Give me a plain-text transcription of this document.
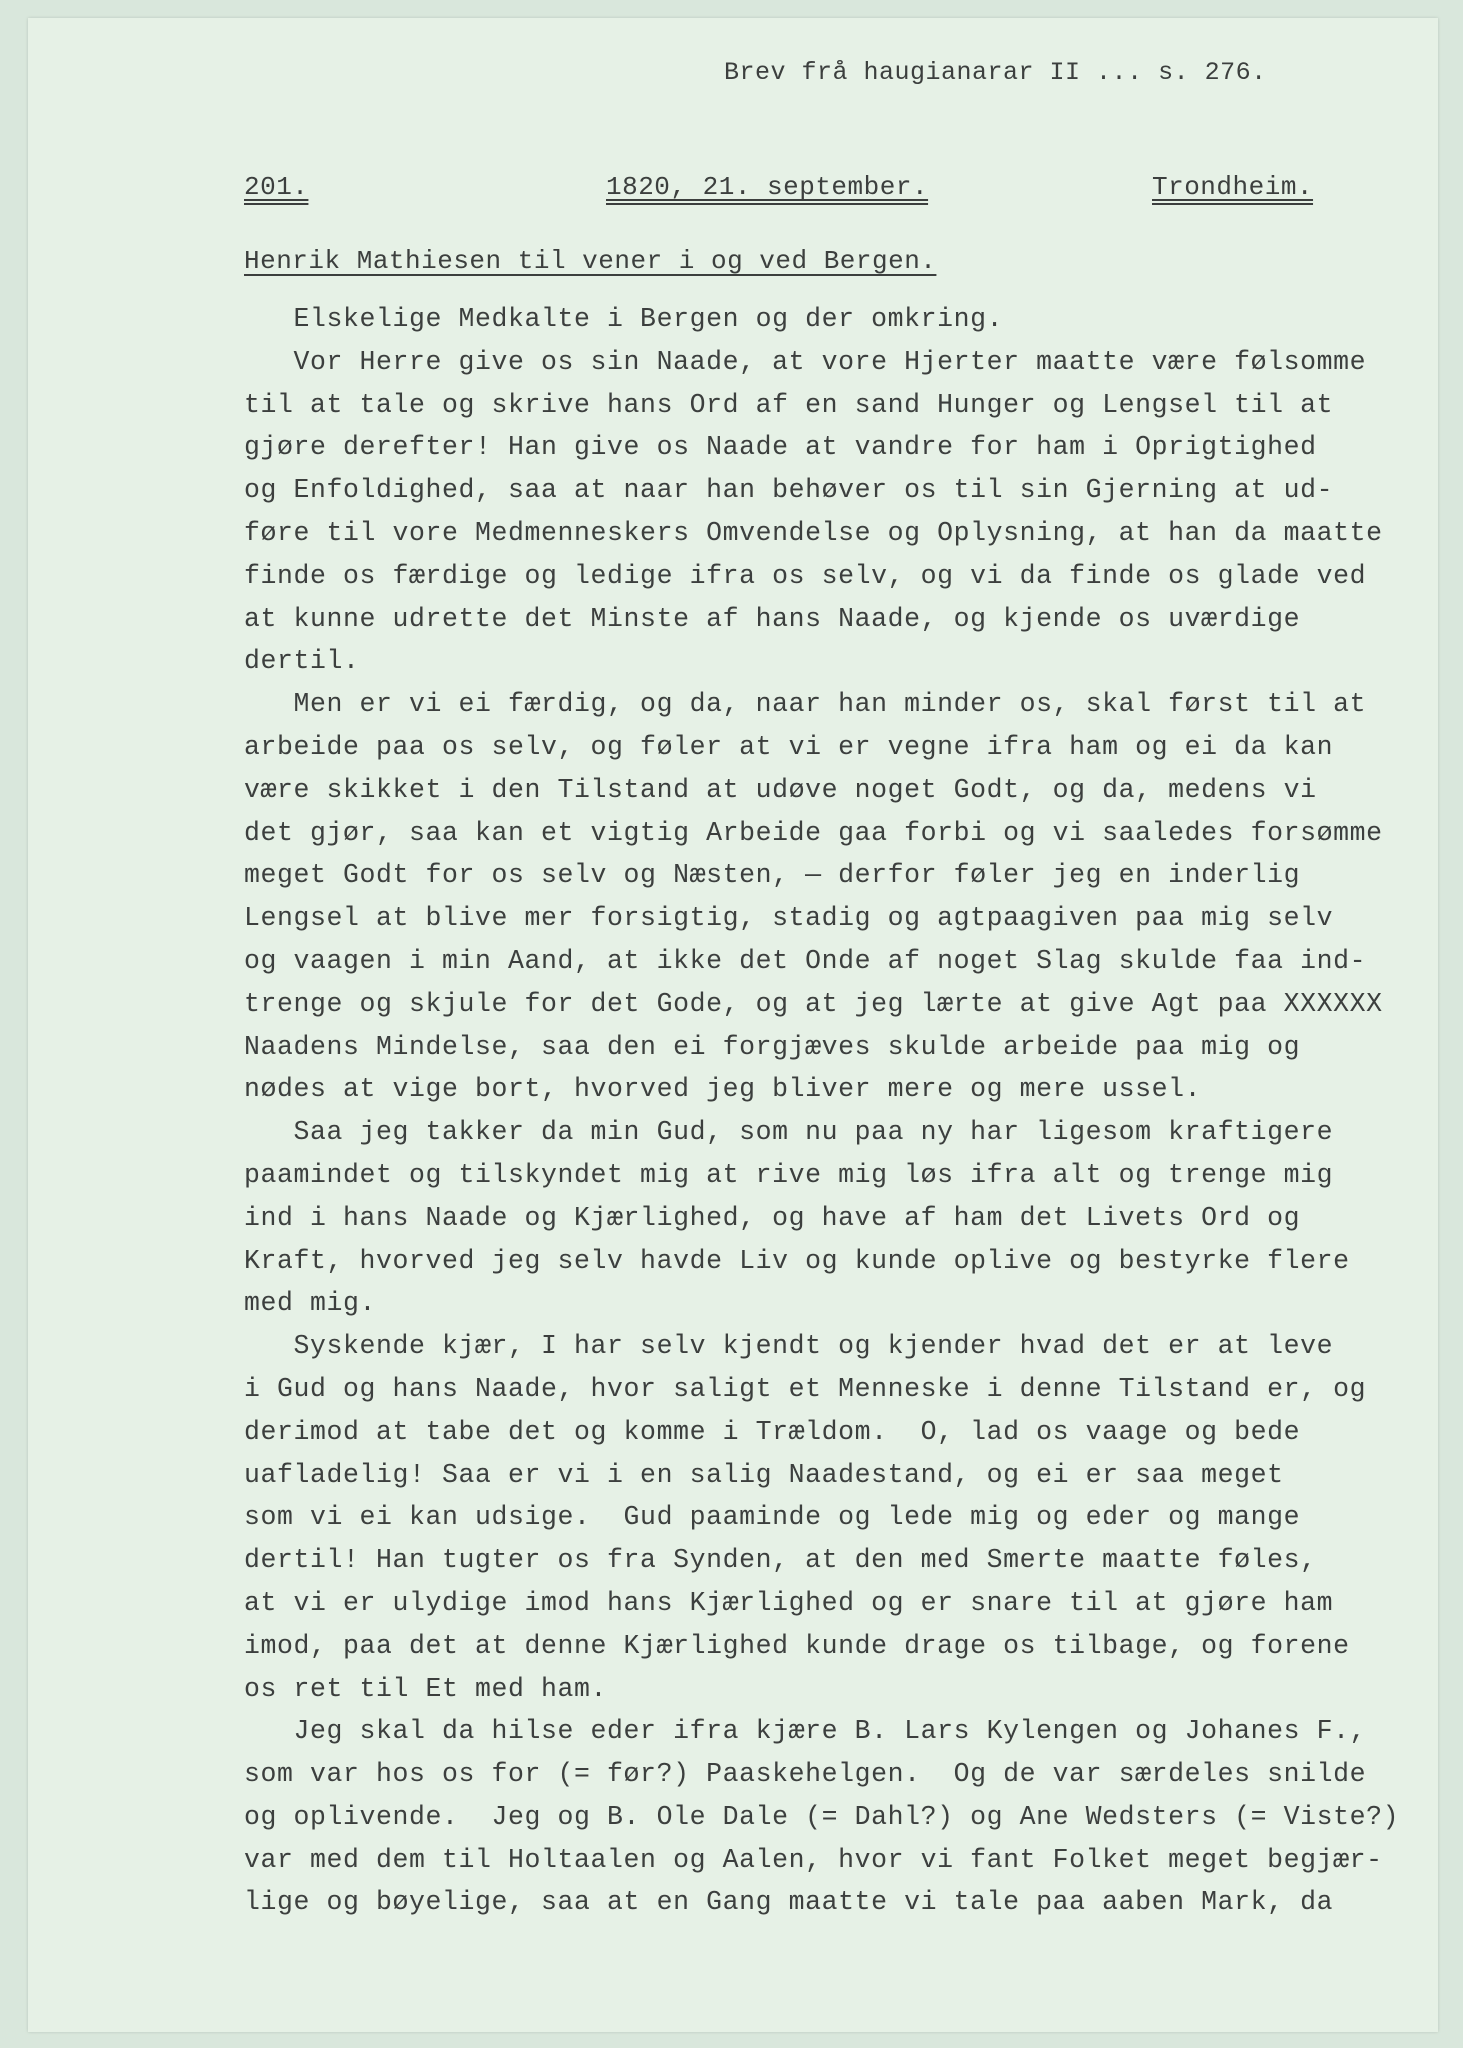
Brev frå haugianarar II ... s. 276.
201.	1820, 21. september.	Trondheim.
Henrik Mathiesen til vener i og ved Bergen.
Elskelige Medkalte i Bergen og der omkring.
Vor Herre give os sin Naade, at vore Hjerter maatte være følsomme
til at tale og skrive hans Ord af en sand Hunger og Lengsel til at
gjøre derefter! Han give os Naade at vandre for ham i Oprigtighed
og Enfoldighed, saa at naar han behøver os til sin Gjerning at ud-
føre til vore Medmenneskers Omvendelse og Oplysning, at han da maatte
finde os færdige og ledige ifra os selv, og vi da finde os glade ved
at kunne udrette det Minste af hans Naade, og kjende os uværdige
dertil.
Men er vi ei færdig, og da, naar han minder os, skal først til at
arbeide paa os selv, og føler at vi er vegne ifra ham og ei da kan
være skikket i den Tilstand at udøve noget Godt, og da, medens vi
det gjør, saa kan et vigtig Arbeide gaa forbi og vi saaledes forsømme
meget Godt for os selv og Næsten, — derfor føler jeg en inderlig
Lengsel at blive mer forsigtig, stadig og agtpaagiven paa mig selv
og vaagen i min Aand, at ikke det Onde af noget Slag skulde faa ind-
trenge og skjule for det Gode, og at jeg lærte at give Agt paa XXXXXX
Naadens Mindelse, saa den ei forgjæves skulde arbeide paa mig og
nødes at vige bort, hvorved jeg bliver mere og mere ussel.
Saa jeg takker da min Gud, som nu paa ny har ligesom kraftigere
paamindet og tilskyndet mig at rive mig løs ifra alt og trenge mig
ind i hans Naade og Kjærlighed, og have af ham det Livets Ord og
Kraft, hvorved jeg selv havde Liv og kunde oplive og bestyrke flere
med mig.
Syskende kjær, I har selv kjendt og kjender hvad det er at leve
i Gud og hans Naade, hvor saligt et Menneske i denne Tilstand er, og
derimod at tabe det og komme i Trældom.  O, lad os vaage og bede
uafladelig! Saa er vi i en salig Naadestand, og ei er saa meget
som vi ei kan udsige.  Gud paaminde og lede mig og eder og mange
dertil! Han tugter os fra Synden, at den med Smerte maatte føles,
at vi er ulydige imod hans Kjærlighed og er snare til at gjøre ham
imod, paa det at denne Kjærlighed kunde drage os tilbage, og forene
os ret til Et med ham.
Jeg skal da hilse eder ifra kjære B. Lars Kylengen og Johanes F.,
som var hos os for (= før?) Paaskehelgen.  Og de var særdeles snilde
og oplivende.  Jeg og B. Ole Dale (= Dahl?) og Ane Wedsters (= Viste?)
var med dem til Holtaalen og Aalen, hvor vi fant Folket meget begjær-
lige og bøyelige, saa at en Gang maatte vi tale paa aaben Mark, da
